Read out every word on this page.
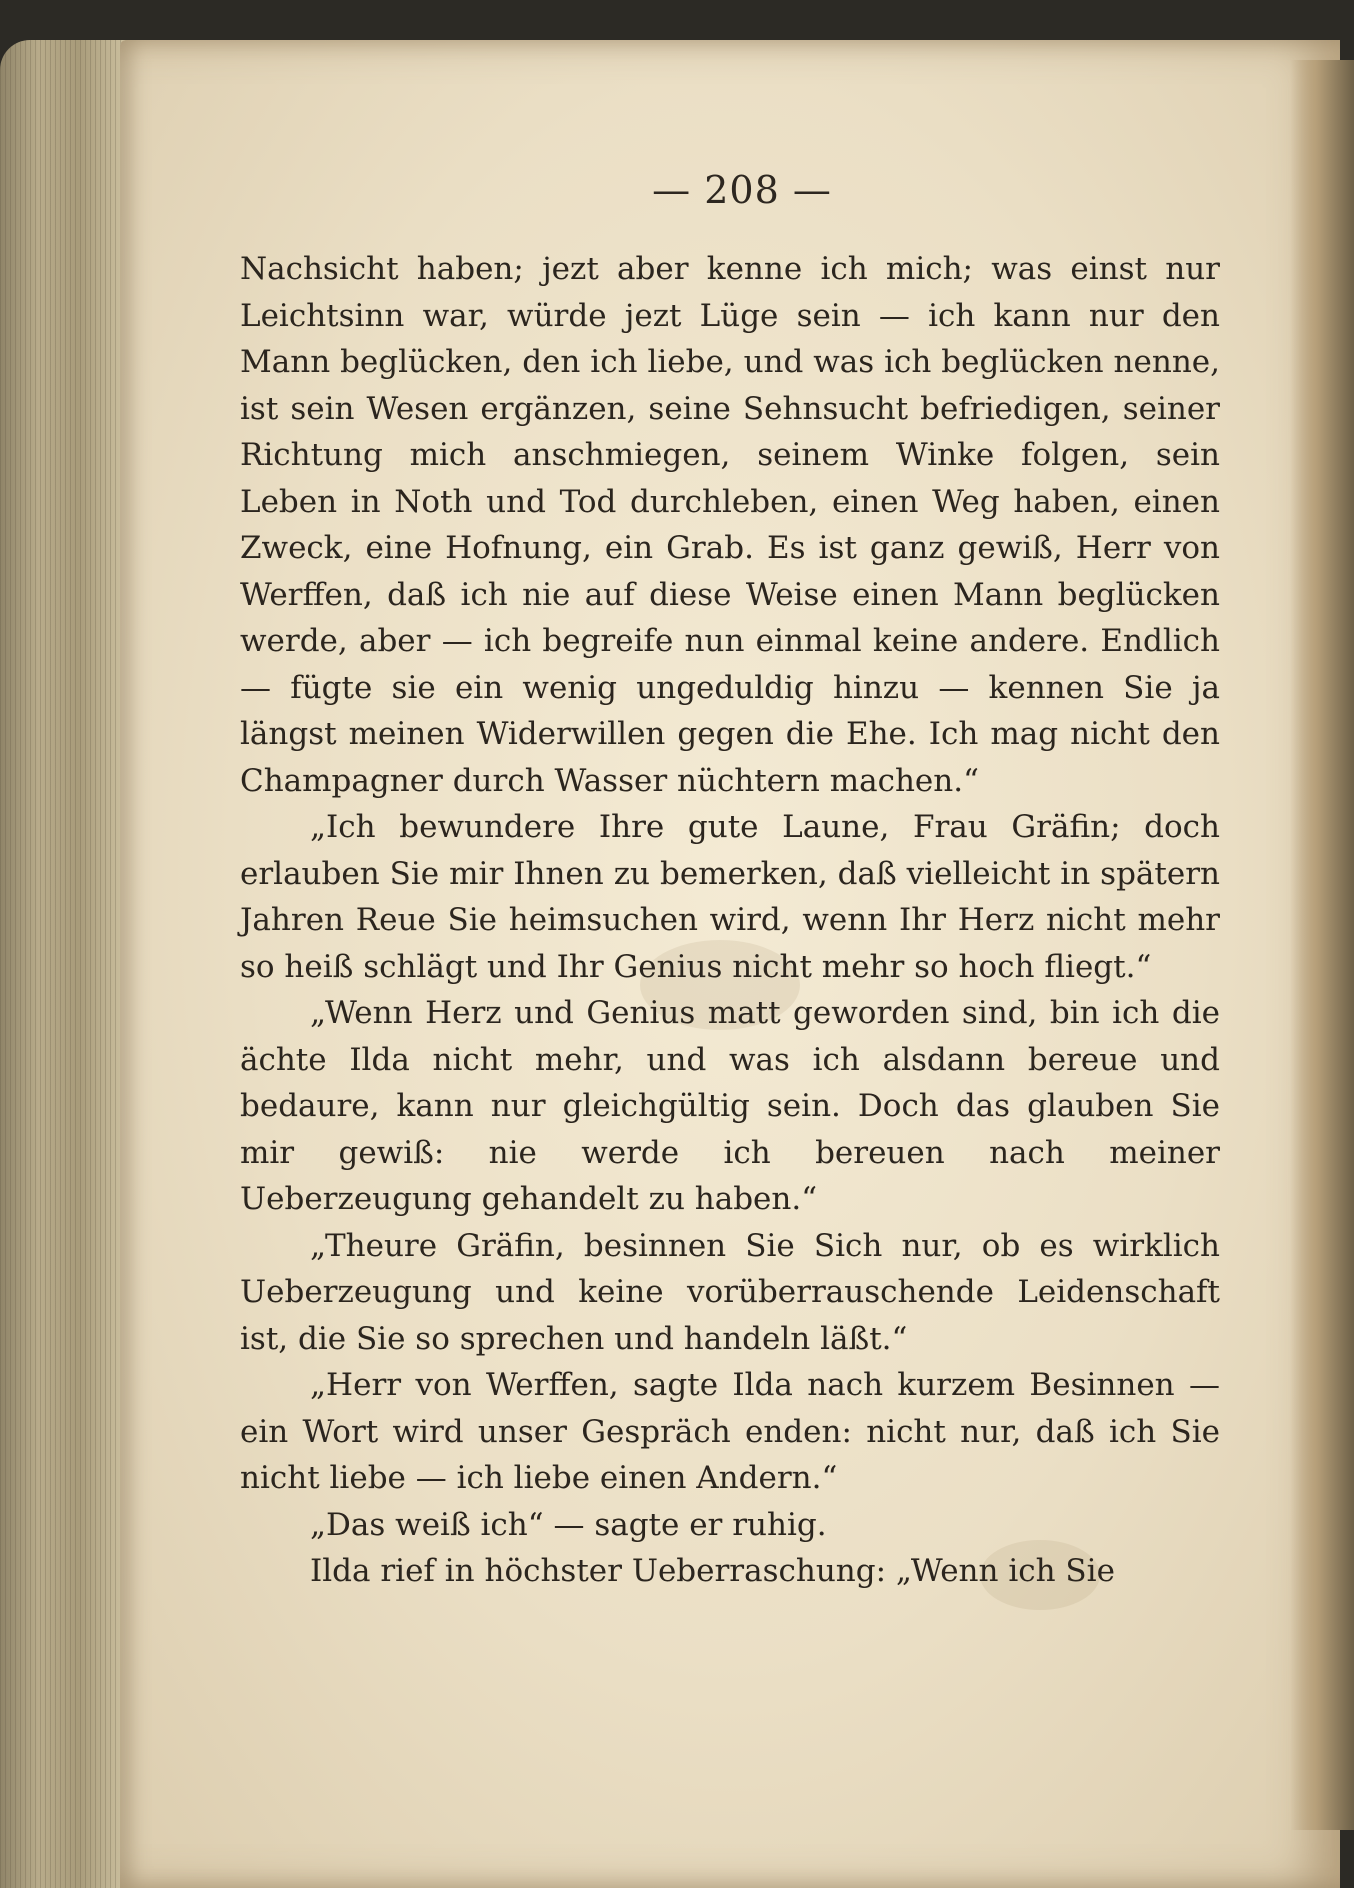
— 208 —

Nachsicht haben; jezt aber kenne ich mich; was einst nur Leichtsinn war, würde jezt Lüge sein — ich kann nur den Mann beglücken, den ich liebe, und was ich beglücken nenne, ist sein Wesen ergänzen, seine Sehnsucht befriedigen, seiner Richtung mich anschmiegen, seinem Winke folgen, sein Leben in Noth und Tod durchleben, einen Weg haben, einen Zweck, eine Hofnung, ein Grab. Es ist ganz gewiß, Herr von Werffen, daß ich nie auf diese Weise einen Mann beglücken werde, aber — ich begreife nun einmal keine andere. Endlich — fügte sie ein wenig ungeduldig hinzu — kennen Sie ja längst meinen Widerwillen gegen die Ehe. Ich mag nicht den Champagner durch Wasser nüchtern machen.“

„Ich bewundere Ihre gute Laune, Frau Gräfin; doch erlauben Sie mir Ihnen zu bemerken, daß vielleicht in spätern Jahren Reue Sie heimsuchen wird, wenn Ihr Herz nicht mehr so heiß schlägt und Ihr Genius nicht mehr so hoch fliegt.“

„Wenn Herz und Genius matt geworden sind, bin ich die ächte Ilda nicht mehr, und was ich alsdann bereue und bedaure, kann nur gleichgültig sein. Doch das glauben Sie mir gewiß: nie werde ich bereuen nach meiner Ueberzeugung gehandelt zu haben.“

„Theure Gräfin, besinnen Sie Sich nur, ob es wirklich Ueberzeugung und keine vorüberrauschende Leidenschaft ist, die Sie so sprechen und handeln läßt.“

„Herr von Werffen, sagte Ilda nach kurzem Besinnen — ein Wort wird unser Gespräch enden: nicht nur, daß ich Sie nicht liebe — ich liebe einen Andern.“

„Das weiß ich“ — sagte er ruhig.

Ilda rief in höchster Ueberraschung: „Wenn ich Sie
